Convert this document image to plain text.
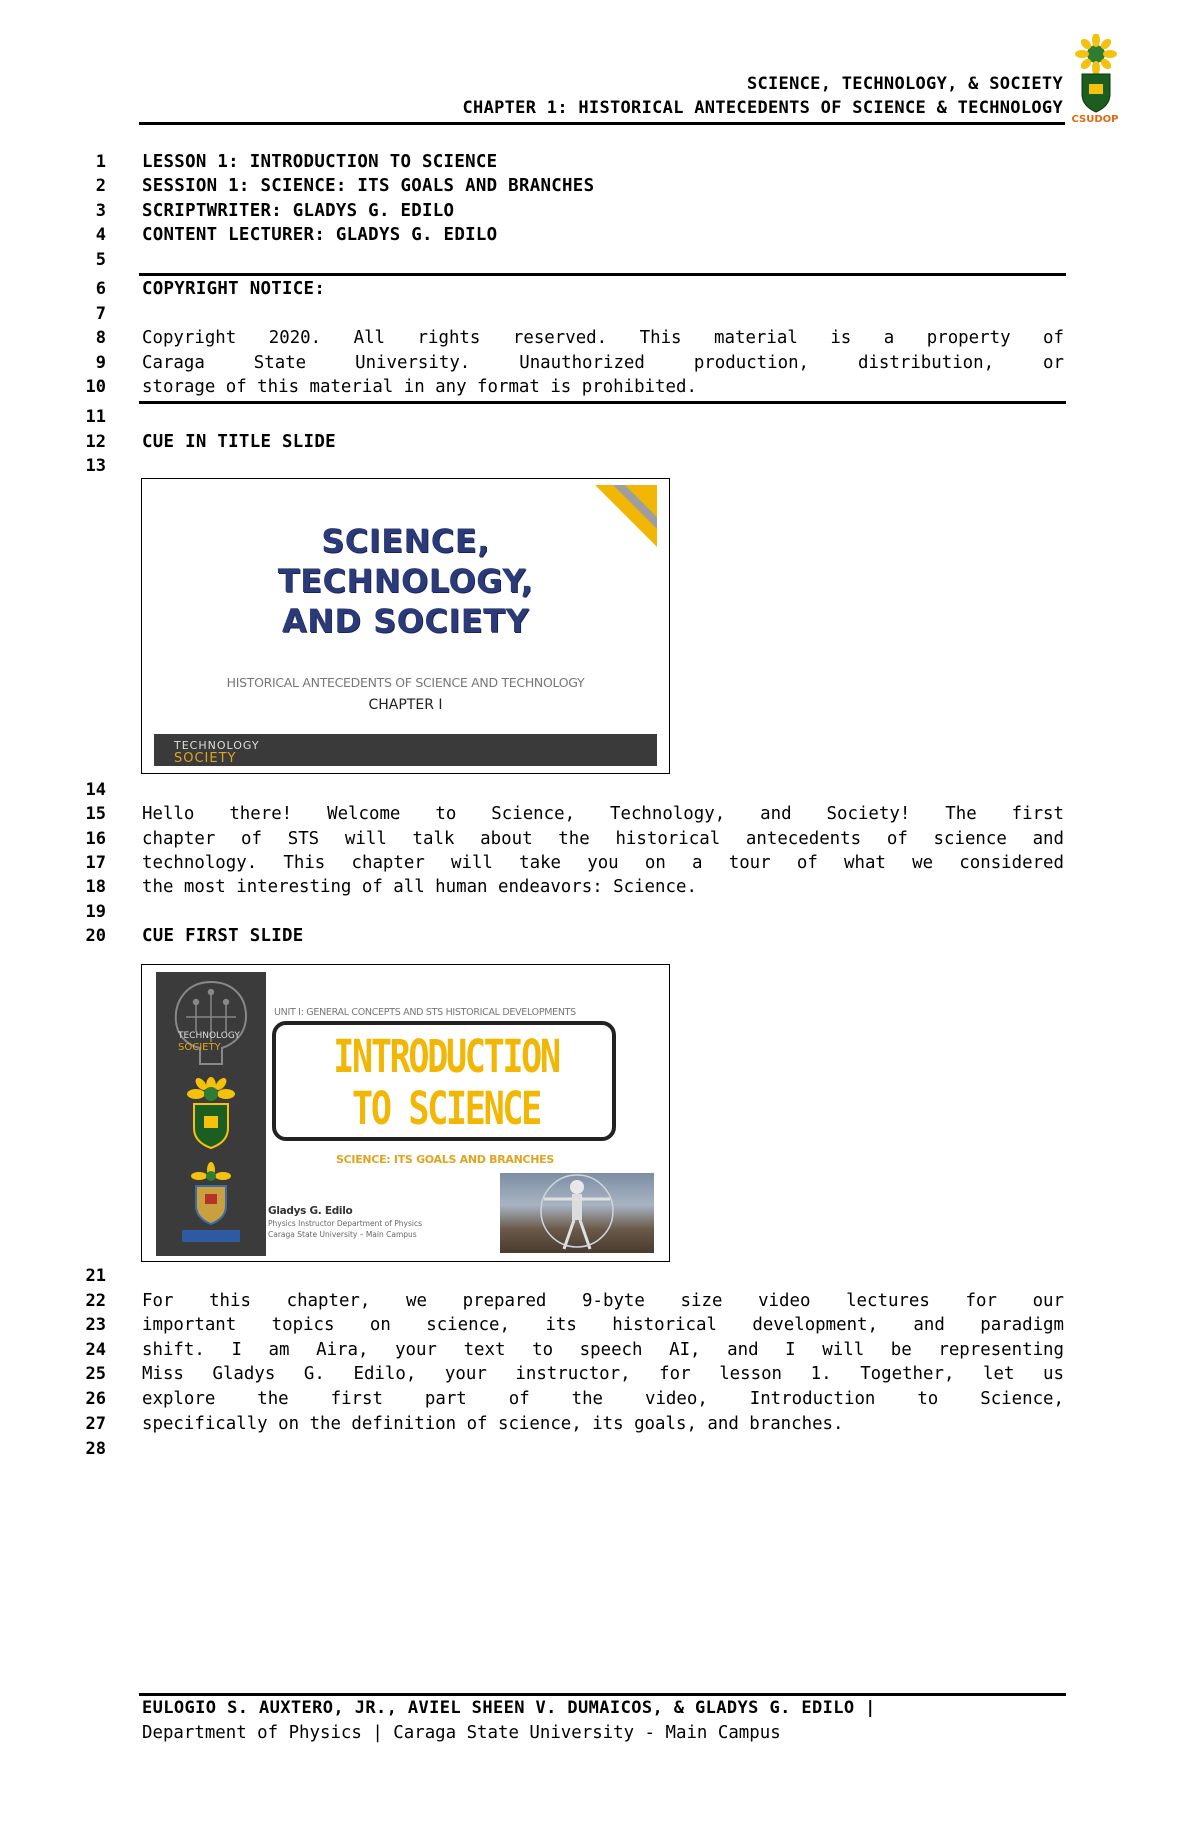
SCIENCE, TECHNOLOGY, & SOCIETY
CHAPTER 1: HISTORICAL ANTECEDENTS OF SCIENCE & TECHNOLOGY
CSUDOP
1
2
3
4
5
6
7
8
9
10
11
12
13
14
15
16
17
18
19
20
21
22
23
24
25
26
27
28
LESSON 1: INTRODUCTION TO SCIENCE
SESSION 1: SCIENCE: ITS GOALS AND BRANCHES
SCRIPTWRITER: GLADYS G. EDILO
CONTENT LECTURER: GLADYS G. EDILO
COPYRIGHT NOTICE:
Copyright 2020. All rights reserved. This material is a property of
Caraga State University. Unauthorized production, distribution, or
storage of this material in any format is prohibited.
CUE IN TITLE SLIDE
SCIENCE,
TECHNOLOGY,
AND SOCIETY
HISTORICAL ANTECEDENTS OF SCIENCE AND TECHNOLOGY
CHAPTER I
TECHNOLOGY
SOCIETY
Hello there! Welcome to Science, Technology, and Society! The first
chapter of STS will talk about the historical antecedents of science and
technology. This chapter will take you on a tour of what we considered
the most interesting of all human endeavors: Science.
CUE FIRST SLIDE
TECHNOLOGY
SOCIETY

UNIT I: GENERAL CONCEPTS AND STS HISTORICAL DEVELOPMENTS
INTRODUCTION
TO SCIENCE
SCIENCE: ITS GOALS AND BRANCHES
Gladys G. Edilo
Physics Instructor Department of Physics
Caraga State University – Main Campus
For this chapter, we prepared 9-byte size video lectures for our
important topics on science, its historical development, and paradigm
shift. I am Aira, your text to speech AI, and I will be representing
Miss Gladys G. Edilo, your instructor, for lesson 1. Together, let us
explore the first part of the video, Introduction to Science,
specifically on the definition of science, its goals, and branches.
EULOGIO S. AUXTERO, JR., AVIEL SHEEN V. DUMAICOS, & GLADYS G. EDILO |
Department of Physics | Caraga State University - Main Campus
